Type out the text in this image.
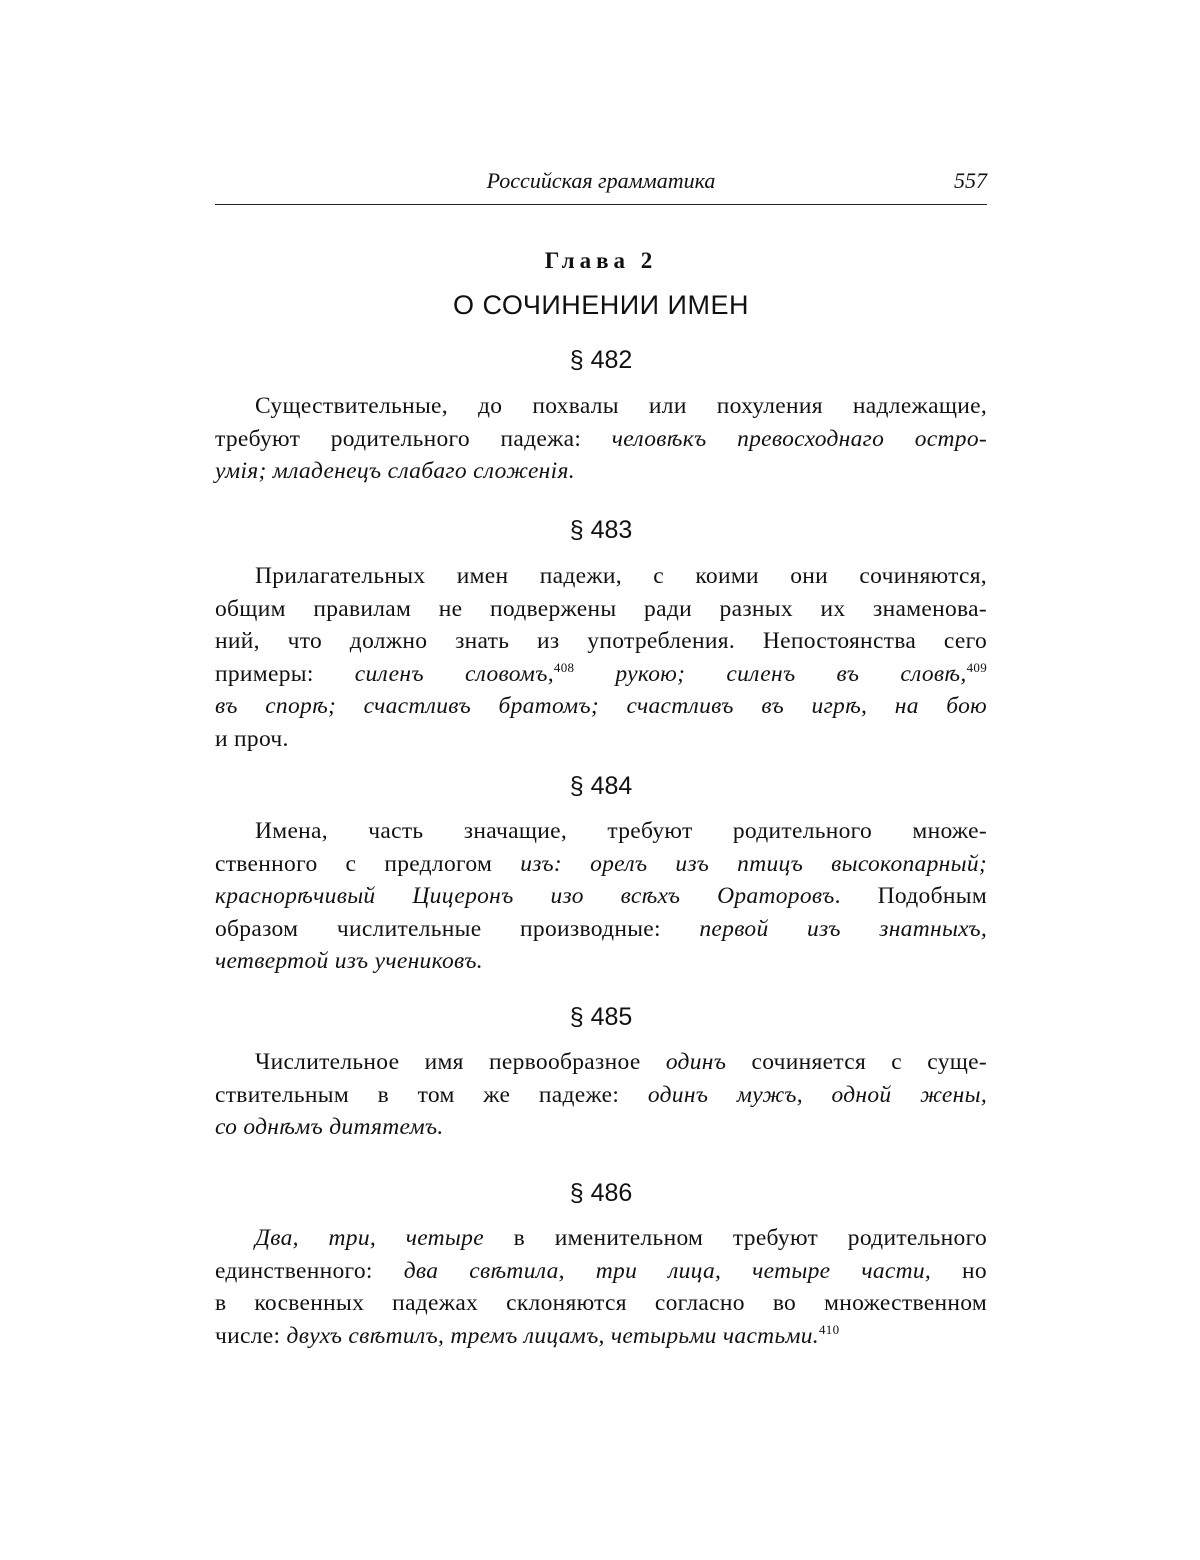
Российская грамматика	557
Глава 2
О СОЧИНЕНИИ ИМЕН
§ 482

Существительные, до похвалы или похуления надлежащие,
требуют родительного падежа: человѣкъ превосходнаго остро-
умія; младенецъ слабаго сложенія.

§ 483

Прилагательных имен падежи, с коими они сочиняются,
общим правилам не подвержены ради разных их знаменова-
ний, что должно знать из употребления. Непостоянства сего
примеры: силенъ словомъ,408 рукою; силенъ въ словѣ,409
въ спорѣ; счастливъ братомъ; счастливъ въ игрѣ, на бою
и проч.

§ 484

Имена, часть значащие, требуют родительного множе-
ственного с предлогом изъ: орелъ изъ птицъ высокопарный;
краснорѣчивый Цицеронъ изо всѣхъ Ораторовъ. Подобным
образом числительные производные: первой изъ знатныхъ,
четвертой изъ учениковъ.

§ 485

Числительное имя первообразное одинъ сочиняется с суще-
ствительным в том же падеже: одинъ мужъ, одной жены,
со однѣмъ дитятемъ.

§ 486

Два, три, четыре в именительном требуют родительного
единственного: два свѣтила, три лица, четыре части, но
в косвенных падежах склоняются согласно во множественном
числе: двухъ свѣтилъ, тремъ лицамъ, четырьми частьми.410
